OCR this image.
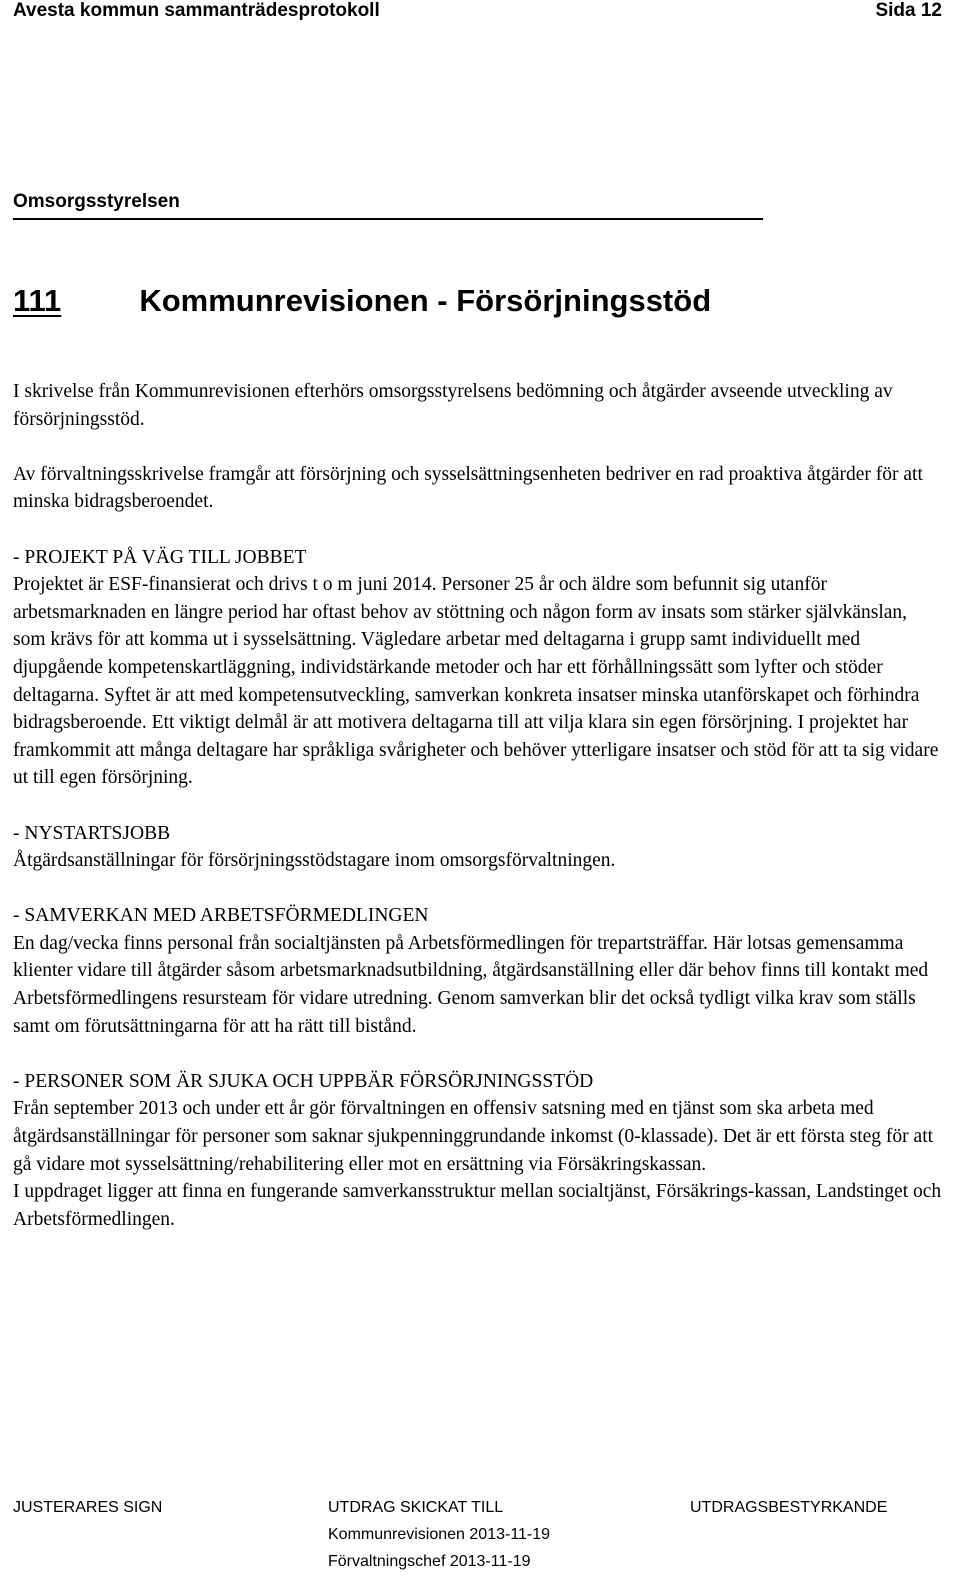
Avesta kommun sammanträdesprotokoll	Sida 12
Omsorgsstyrelsen
111	Kommunrevisionen - Försörjningsstöd

I skrivelse från Kommunrevisionen efterhörs omsorgsstyrelsens bedömning och åtgärder avseende utveckling av försörjningsstöd.

Av förvaltningsskrivelse framgår att försörjning och sysselsättningsenheten bedriver en rad proaktiva åtgärder för att minska bidragsberoendet.

- PROJEKT PÅ VÄG TILL JOBBET

Projektet är ESF-finansierat och drivs t o m juni 2014. Personer 25 år och äldre som befunnit sig utanför arbetsmarknaden en längre period har oftast behov av stöttning och någon form av insats som stärker självkänslan, som krävs för att komma ut i sysselsättning. Vägledare arbetar med deltagarna i grupp samt individuellt med djupgående kompetenskartläggning, individstärkande metoder och har ett förhållningssätt som lyfter och stöder deltagarna. Syftet är att med kompetensutveckling, samverkan konkreta insatser minska utanförskapet och förhindra bidragsberoende. Ett viktigt delmål är att motivera deltagarna till att vilja klara sin egen försörjning. I projektet har framkommit att många deltagare har språkliga svårigheter och behöver ytterligare insatser och stöd för att ta sig vidare ut till egen försörjning.

- NYSTARTSJOBB

Åtgärdsanställningar för försörjningsstödstagare inom omsorgsförvaltningen.

- SAMVERKAN MED ARBETSFÖRMEDLINGEN

En dag/vecka finns personal från socialtjänsten på Arbetsförmedlingen för trepartsträffar. Här lotsas gemensamma klienter vidare till åtgärder såsom arbetsmarknadsutbildning, åtgärdsanställning eller där behov finns till kontakt med Arbetsförmedlingens resursteam för vidare utredning. Genom samverkan blir det också tydligt vilka krav som ställs samt om förutsättningarna för att ha rätt till bistånd.

- PERSONER SOM ÄR SJUKA OCH UPPBÄR FÖRSÖRJNINGSSTÖD

Från september 2013 och under ett år gör förvaltningen en offensiv satsning med en tjänst som ska arbeta med åtgärdsanställningar för personer som saknar sjukpenninggrundande inkomst (0-klassade). Det är ett första steg för att gå vidare mot sysselsättning/rehabilitering eller mot en ersättning via Försäkringskassan.

I uppdraget ligger att finna en fungerande samverkansstruktur mellan socialtjänst, Försäkrings-kassan, Landstinget och Arbetsförmedlingen.

JUSTERARES SIGN	UTDRAG SKICKAT TILL	UTDRAGSBESTYRKANDE
Kommunrevisionen 2013-11-19
Förvaltningschef 2013-11-19
